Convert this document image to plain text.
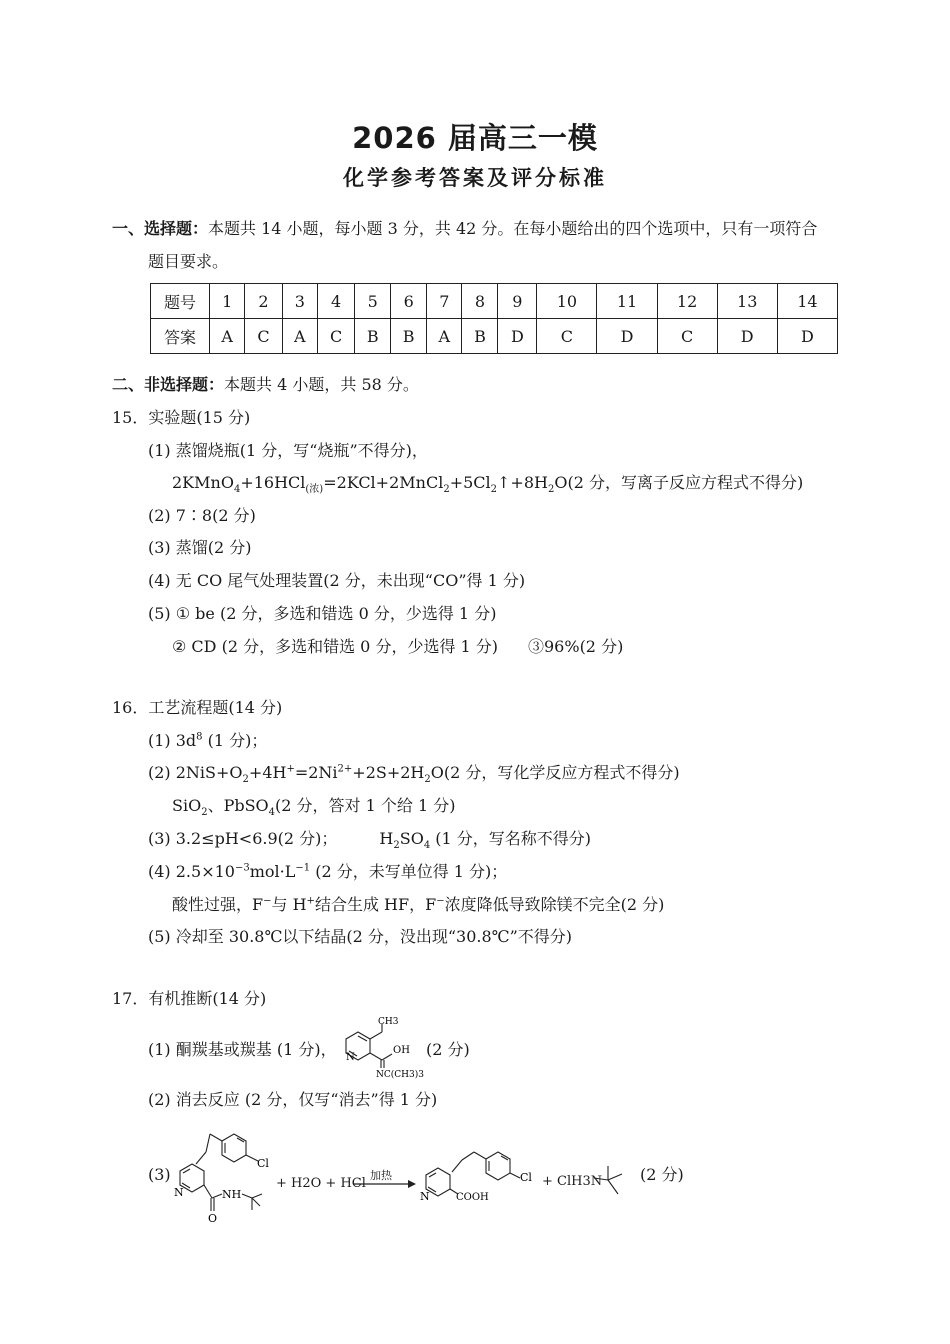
2026 届高三一模
化学参考答案及评分标准
一、选择题：本题共 14 小题，每小题 3 分，共 42 分。在每小题给出的四个选项中，只有一项符合
题目要求。
题号	1	2	3	4	5	6	7	8	9	10	11	12	13	14
答案	A	C	A	C	B	B	A	B	D	C	D	C	D	D
二、非选择题：本题共 4 小题，共 58 分。
15．实验题(15 分)
(1) 蒸馏烧瓶(1 分，写“烧瓶”不得分)，
$2KMnO_4+16HCl_{(浓)}=2KCl+2MnCl_2+5Cl_2↑+8H_2O(2$ 分，写离子反应方程式不得分)
(2) 7∶8(2 分)
(3) 蒸馏(2 分)
(4) 无 CO 尾气处理装置(2 分，未出现“CO”得 1 分)
(5) ① be (2 分，多选和错选 0 分，少选得 1 分)
② CD (2 分，多选和错选 0 分，少选得 1 分) ③96%(2 分)
16．工艺流程题(14 分)
(1) $3d^8$ (1 分)；
(2) $2NiS+O_2+4H^+=2Ni^{2+}+2S+2H_2O(2$ 分，写化学反应方程式不得分)
SiO$_2$、PbSO$_4$(2 分，答对 1 个给 1 分)
(3) 3.2≤pH<6.9(2 分)；	$H_2SO_4$ (1 分，写名称不得分)
(4) $2.5\times 10^{-3}mol\cdot L^{-1}$ (2 分，未写单位得 1 分)；
酸性过强，F−与 H+结合生成 HF，F−浓度降低导致除镁不完全(2 分)
(5) 冷却至 30.8℃以下结晶(2 分，没出现“30.8℃”不得分)
17．有机推断(14 分)
(1) 酮羰基或羰基 (1 分)，
CH3
OH
N
NC(CH3)3
(2 分)
(2) 消去反应 (2 分，仅写“消去”得 1 分)
(3)
Cl
N	NH
O
+ H2O + HCl
加热	Cl
N	COOH
+ ClH3N (2 分)
